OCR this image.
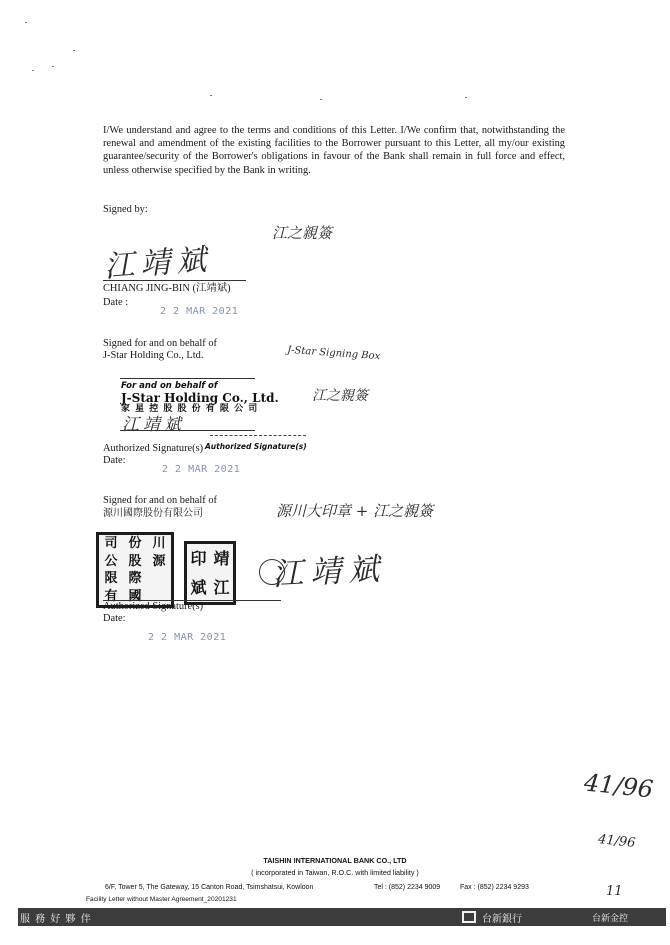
I/We understand and agree to the terms and conditions of this Letter. I/We confirm that, notwithstanding the renewal and amendment of the existing facilities to the Borrower pursuant to this Letter, all my/our existing guarantee/security of the Borrower's obligations in favour of the Bank shall remain in full force and effect, unless otherwise specified by the Bank in writing.
Signed by:
江之親簽
江靖斌
CHIANG JING-BIN (江靖斌)
Date :
2 2 MAR 2021
Signed for and on behalf of
J-Star Holding Co., Ltd.	J-Star Signing Box
江之親簽
For and on behalf of
J-Star Holding Co., Ltd.
家 星 控 股 股 份 有 限 公 司
江靖斌
Authorized Signature(s) Authorized Signature(s)
Date:
2 2 MAR 2021
Signed for and on behalf of
源川國際股份有限公司	源川大印章 + 江之親簽
司
公
限
有
份
股
際
國
川
源	印
斌
靖
江 江靖斌
Authorized Signature(s)
Date:
2 2 MAR 2021
41/96
41/96
11
TAISHIN INTERNATIONAL BANK CO., LTD
( incorporated in Taiwan, R.O.C. with limited liability )
6/F, Tower 5, The Gateway, 15 Canton Road, Tsimshatsui, Kowloon	Tel : (852) 2234 9009	Fax : (852) 2234 9293
Facility Letter without Master Agreement_20201231
服 務 好 夥 伴	台新銀行	台新金控
